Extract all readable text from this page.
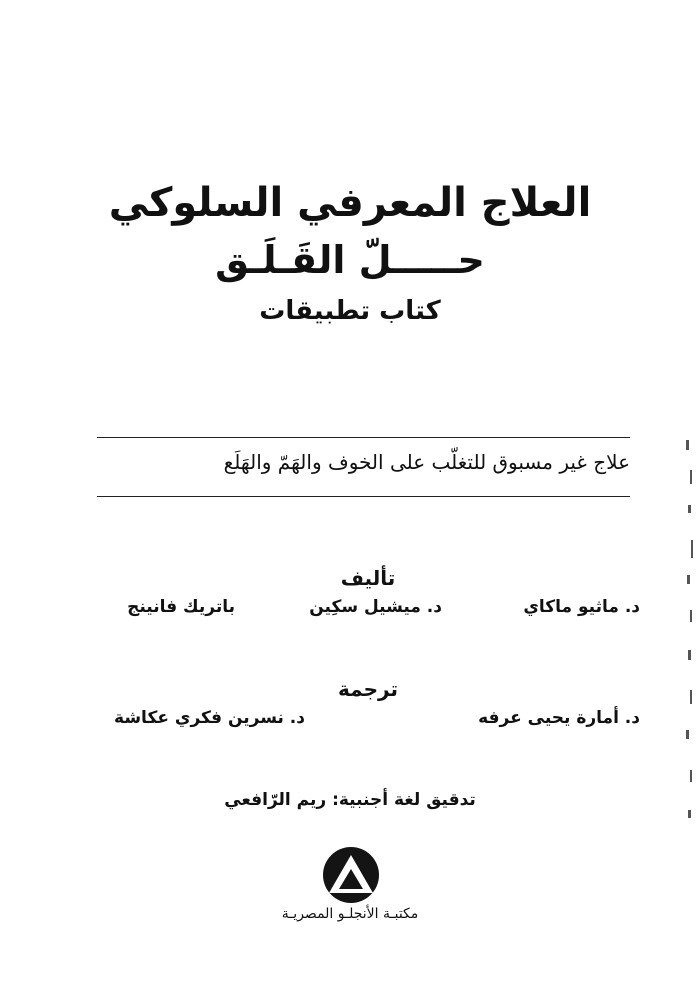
العلاج المعرفي السلوكي
حـــــلّ القَـلَـق
كتاب تطبيقات
علاج غير مسبوق للتغلّب على الخوف والهَمّ والهَلَع
تأليف
د. ماثيو ماكاي
د. ميشيل سكِين
باتريك فانينج
ترجمة
د. أمارة يحيى عرفه
د. نسرين فكري عكاشة
تدقيق لغة أجنبية: ريم الرّافعي
مكتبـة الأنجلـو المصريـة
